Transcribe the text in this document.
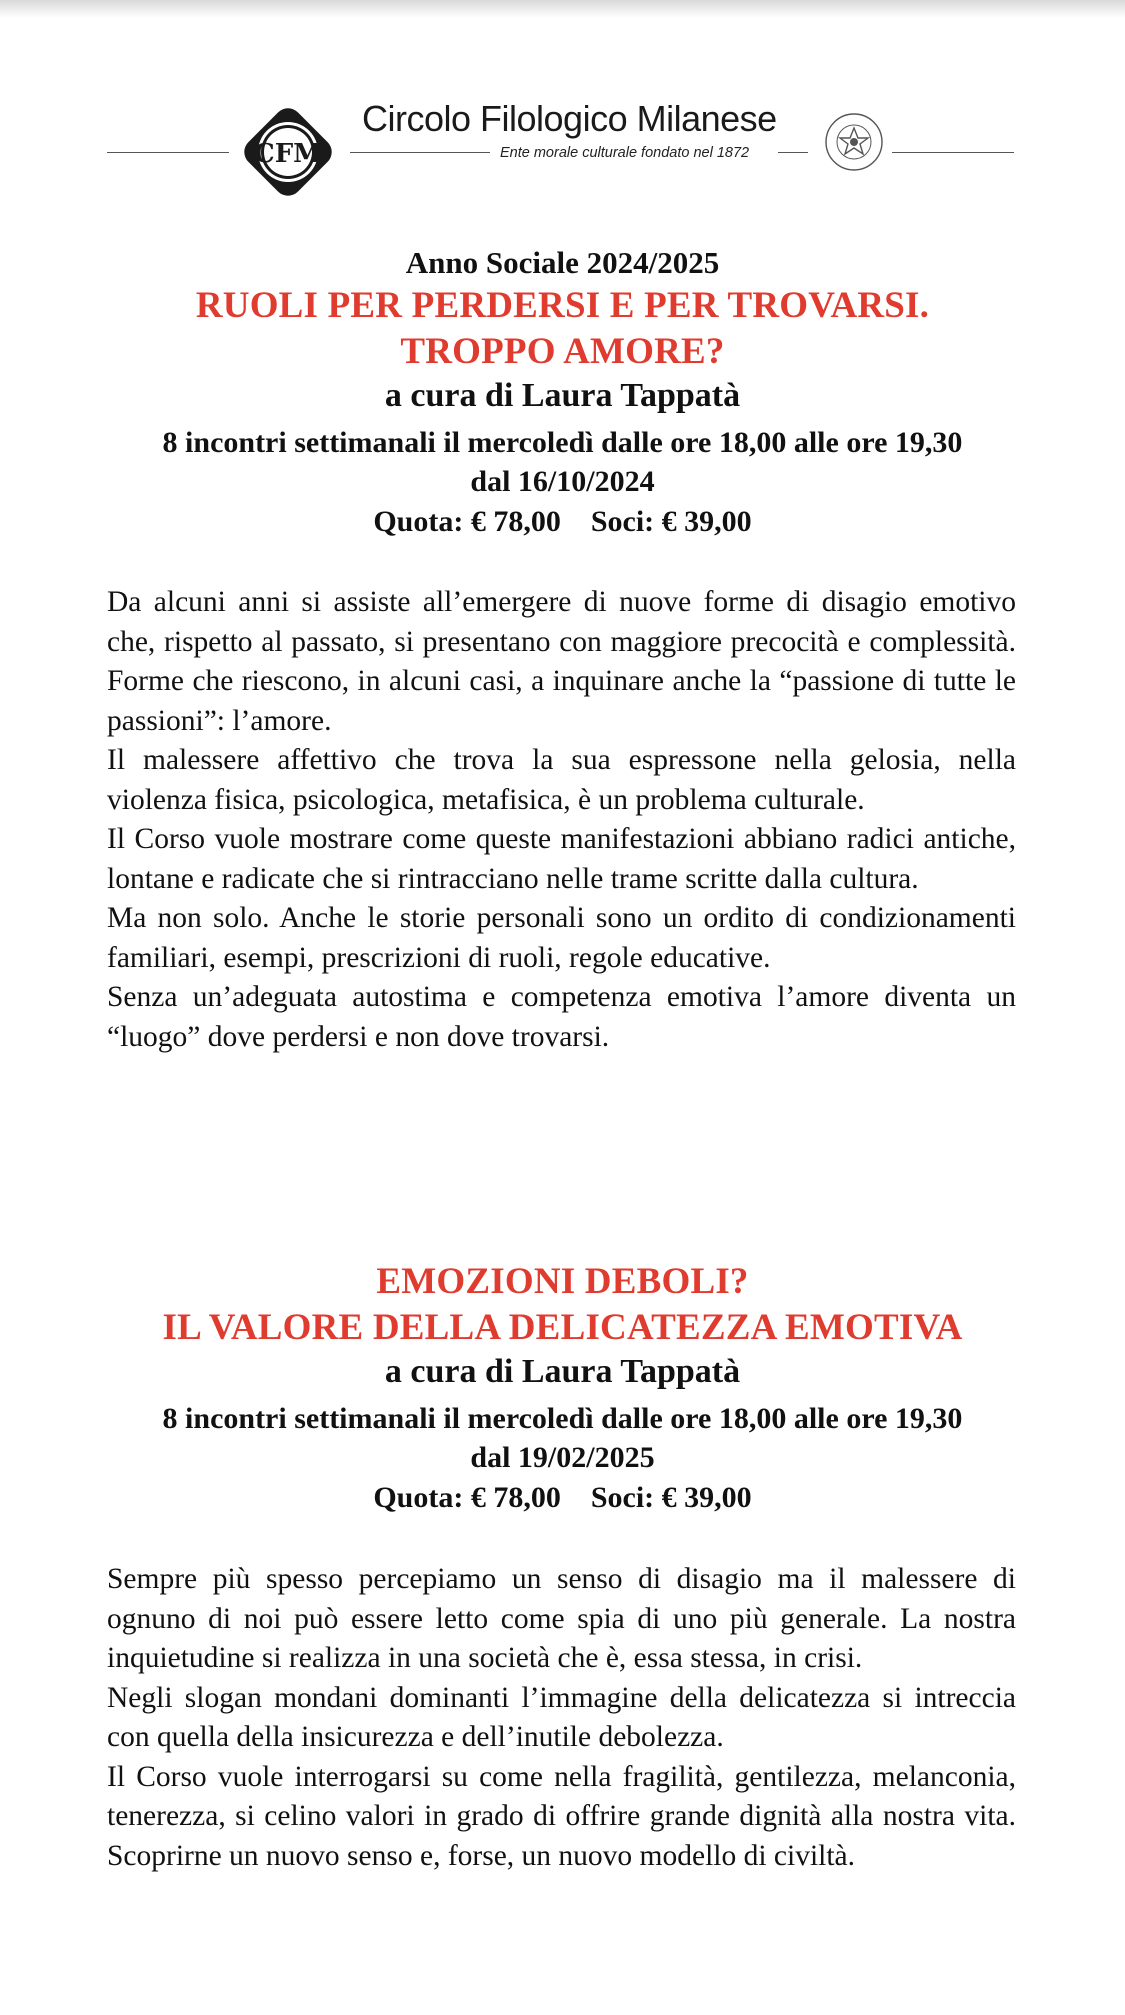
CFM
Circolo Filologico Milanese
Ente morale culturale fondato nel 1872
Anno Sociale 2024/2025
RUOLI PER PERDERSI E PER TROVARSI.
TROPPO AMORE?
a cura di Laura Tappatà
8 incontri settimanali il mercoledì dalle ore 18,00 alle ore 19,30
dal 16/10/2024
Quota: € 78,00 Soci: € 39,00

Da alcuni anni si assiste all’emergere di nuove forme di disagio emotivo che, rispetto al passato, si presentano con maggiore precocità e complessità. Forme che riescono, in alcuni casi, a inquinare anche la “passione di tutte le passioni”: l’amore.

Il malessere affettivo che trova la sua espressone nella gelosia, nella violenza fisica, psicologica, metafisica, è un problema culturale.

Il Corso vuole mostrare come queste manifestazioni abbiano radici antiche, lontane e radicate che si rintracciano nelle trame scritte dalla cultura.

Ma non solo. Anche le storie personali sono un ordito di condizionamenti familiari, esempi, prescrizioni di ruoli, regole educative.

Senza un’adeguata autostima e competenza emotiva l’amore diventa un “luogo” dove perdersi e non dove trovarsi.

EMOZIONI DEBOLI?
IL VALORE DELLA DELICATEZZA EMOTIVA
a cura di Laura Tappatà
8 incontri settimanali il mercoledì dalle ore 18,00 alle ore 19,30
dal 19/02/2025
Quota: € 78,00 Soci: € 39,00

Sempre più spesso percepiamo un senso di disagio ma il malessere di ognuno di noi può essere letto come spia di uno più generale. La nostra inquietudine si realizza in una società che è, essa stessa, in crisi.

Negli slogan mondani dominanti l’immagine della delicatezza si intreccia con quella della insicurezza e dell’inutile debolezza.

Il Corso vuole interrogarsi su come nella fragilità, gentilezza, melanconia, tenerezza, si celino valori in grado di offrire grande dignità alla nostra vita. Scoprirne un nuovo senso e, forse, un nuovo modello di civiltà.
